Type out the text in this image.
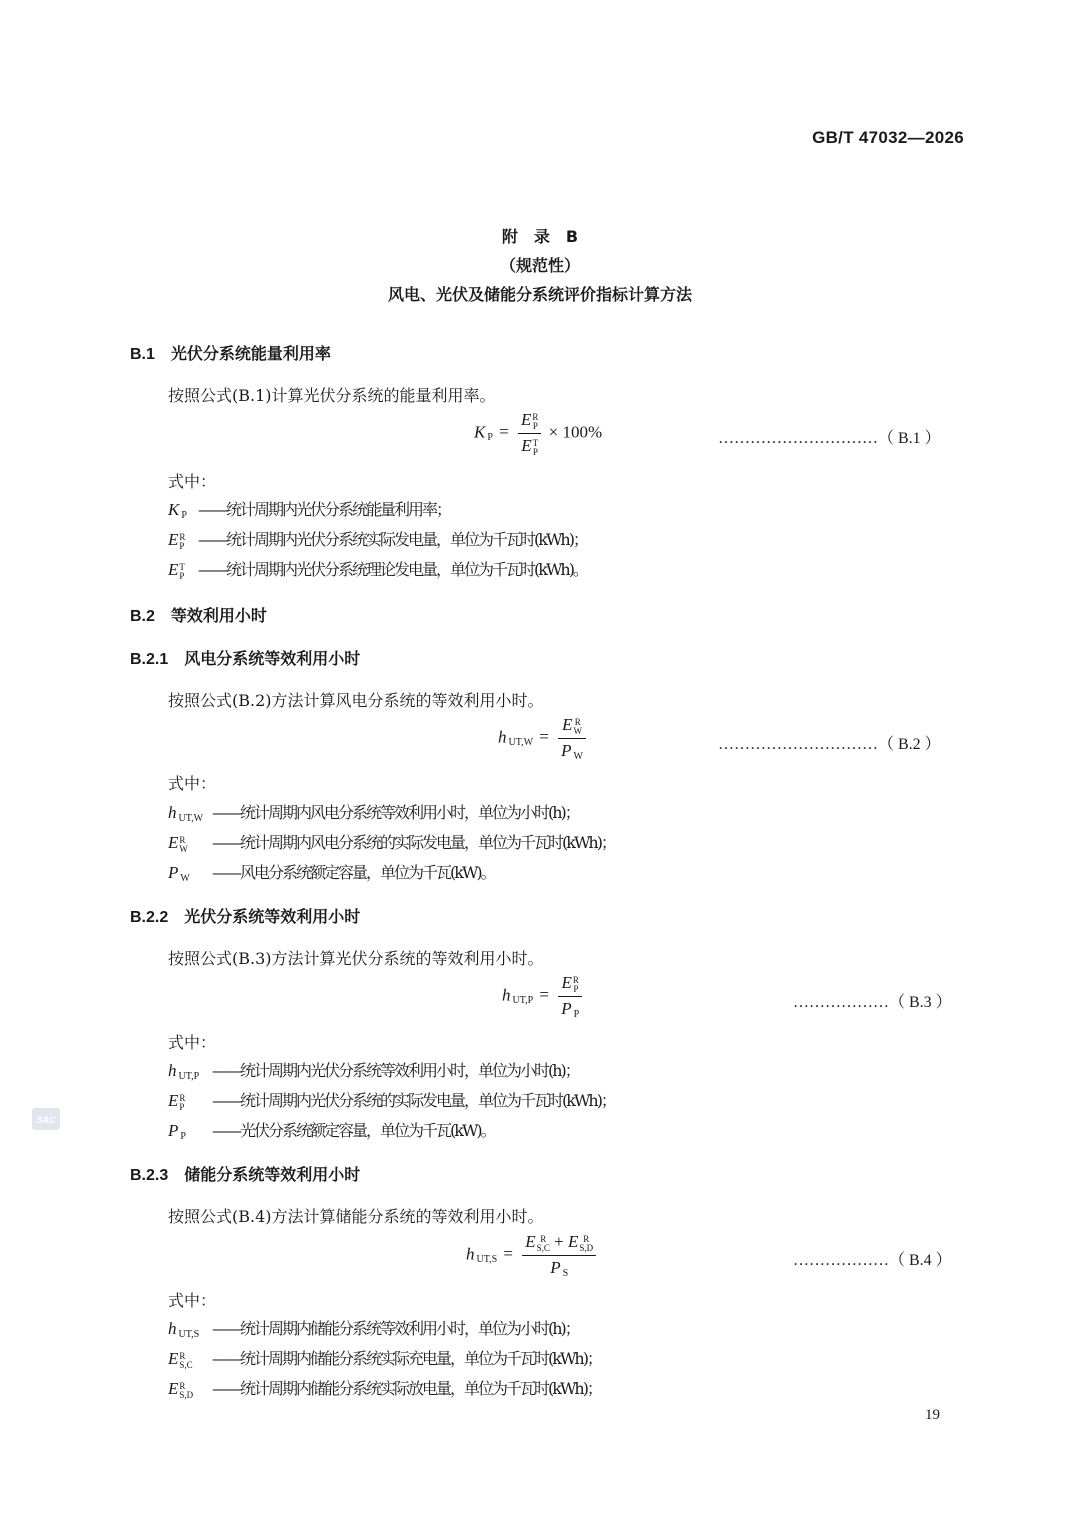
GB/T 47032—2026
附　录　B
（规范性）
风电、光伏及储能分系统评价指标计算方法
B.1 光伏分系统能量利用率
按照公式(B.1)计算光伏分系统的能量利用率。
K $_P$ = E R
P
E T
P × 100%	…………………………（ B.1 ）
式中：
K $_P$ ——统计周期内光伏分系统能量利用率；
E R
P ——统计周期内光伏分系统实际发电量，单位为千瓦时(kWh)；
E T
P ——统计周期内光伏分系统理论发电量，单位为千瓦时(kWh)。
B.2 等效利用小时
B.2.1 风电分系统等效利用小时
按照公式(B.2)方法计算风电分系统的等效利用小时。
h $_{UT,W}$ = E R
W
P $_W$	…………………………（ B.2 ）
式中：
h $_{UT,W}$ ——统计周期内风电分系统等效利用小时，单位为小时(h)；
E R
W ——统计周期内风电分系统的实际发电量，单位为千瓦时(kWh)；
P $_W$ ——风电分系统额定容量，单位为千瓦(kW)。
B.2.2 光伏分系统等效利用小时
按照公式(B.3)方法计算光伏分系统的等效利用小时。
h $_{UT,P}$ = E R
P
P $_P$	………………（ B.3 ）
式中：
h $_{UT,P}$ ——统计周期内光伏分系统等效利用小时，单位为小时(h)；
E R
P ——统计周期内光伏分系统的实际发电量，单位为千瓦时(kWh)；
P $_P$ ——光伏分系统额定容量，单位为千瓦(kW)。
SAC
B.2.3 储能分系统等效利用小时
按照公式(B.4)方法计算储能分系统的等效利用小时。
h $_{UT,S}$ = E R
S,C + E R
S,D
P $_S$	………………（ B.4 ）
式中：
h $_{UT,S}$ ——统计周期内储能分系统等效利用小时，单位为小时(h)；
E R
S,C ——统计周期内储能分系统实际充电量，单位为千瓦时(kWh)；
E R
S,D ——统计周期内储能分系统实际放电量，单位为千瓦时(kWh)；
19
